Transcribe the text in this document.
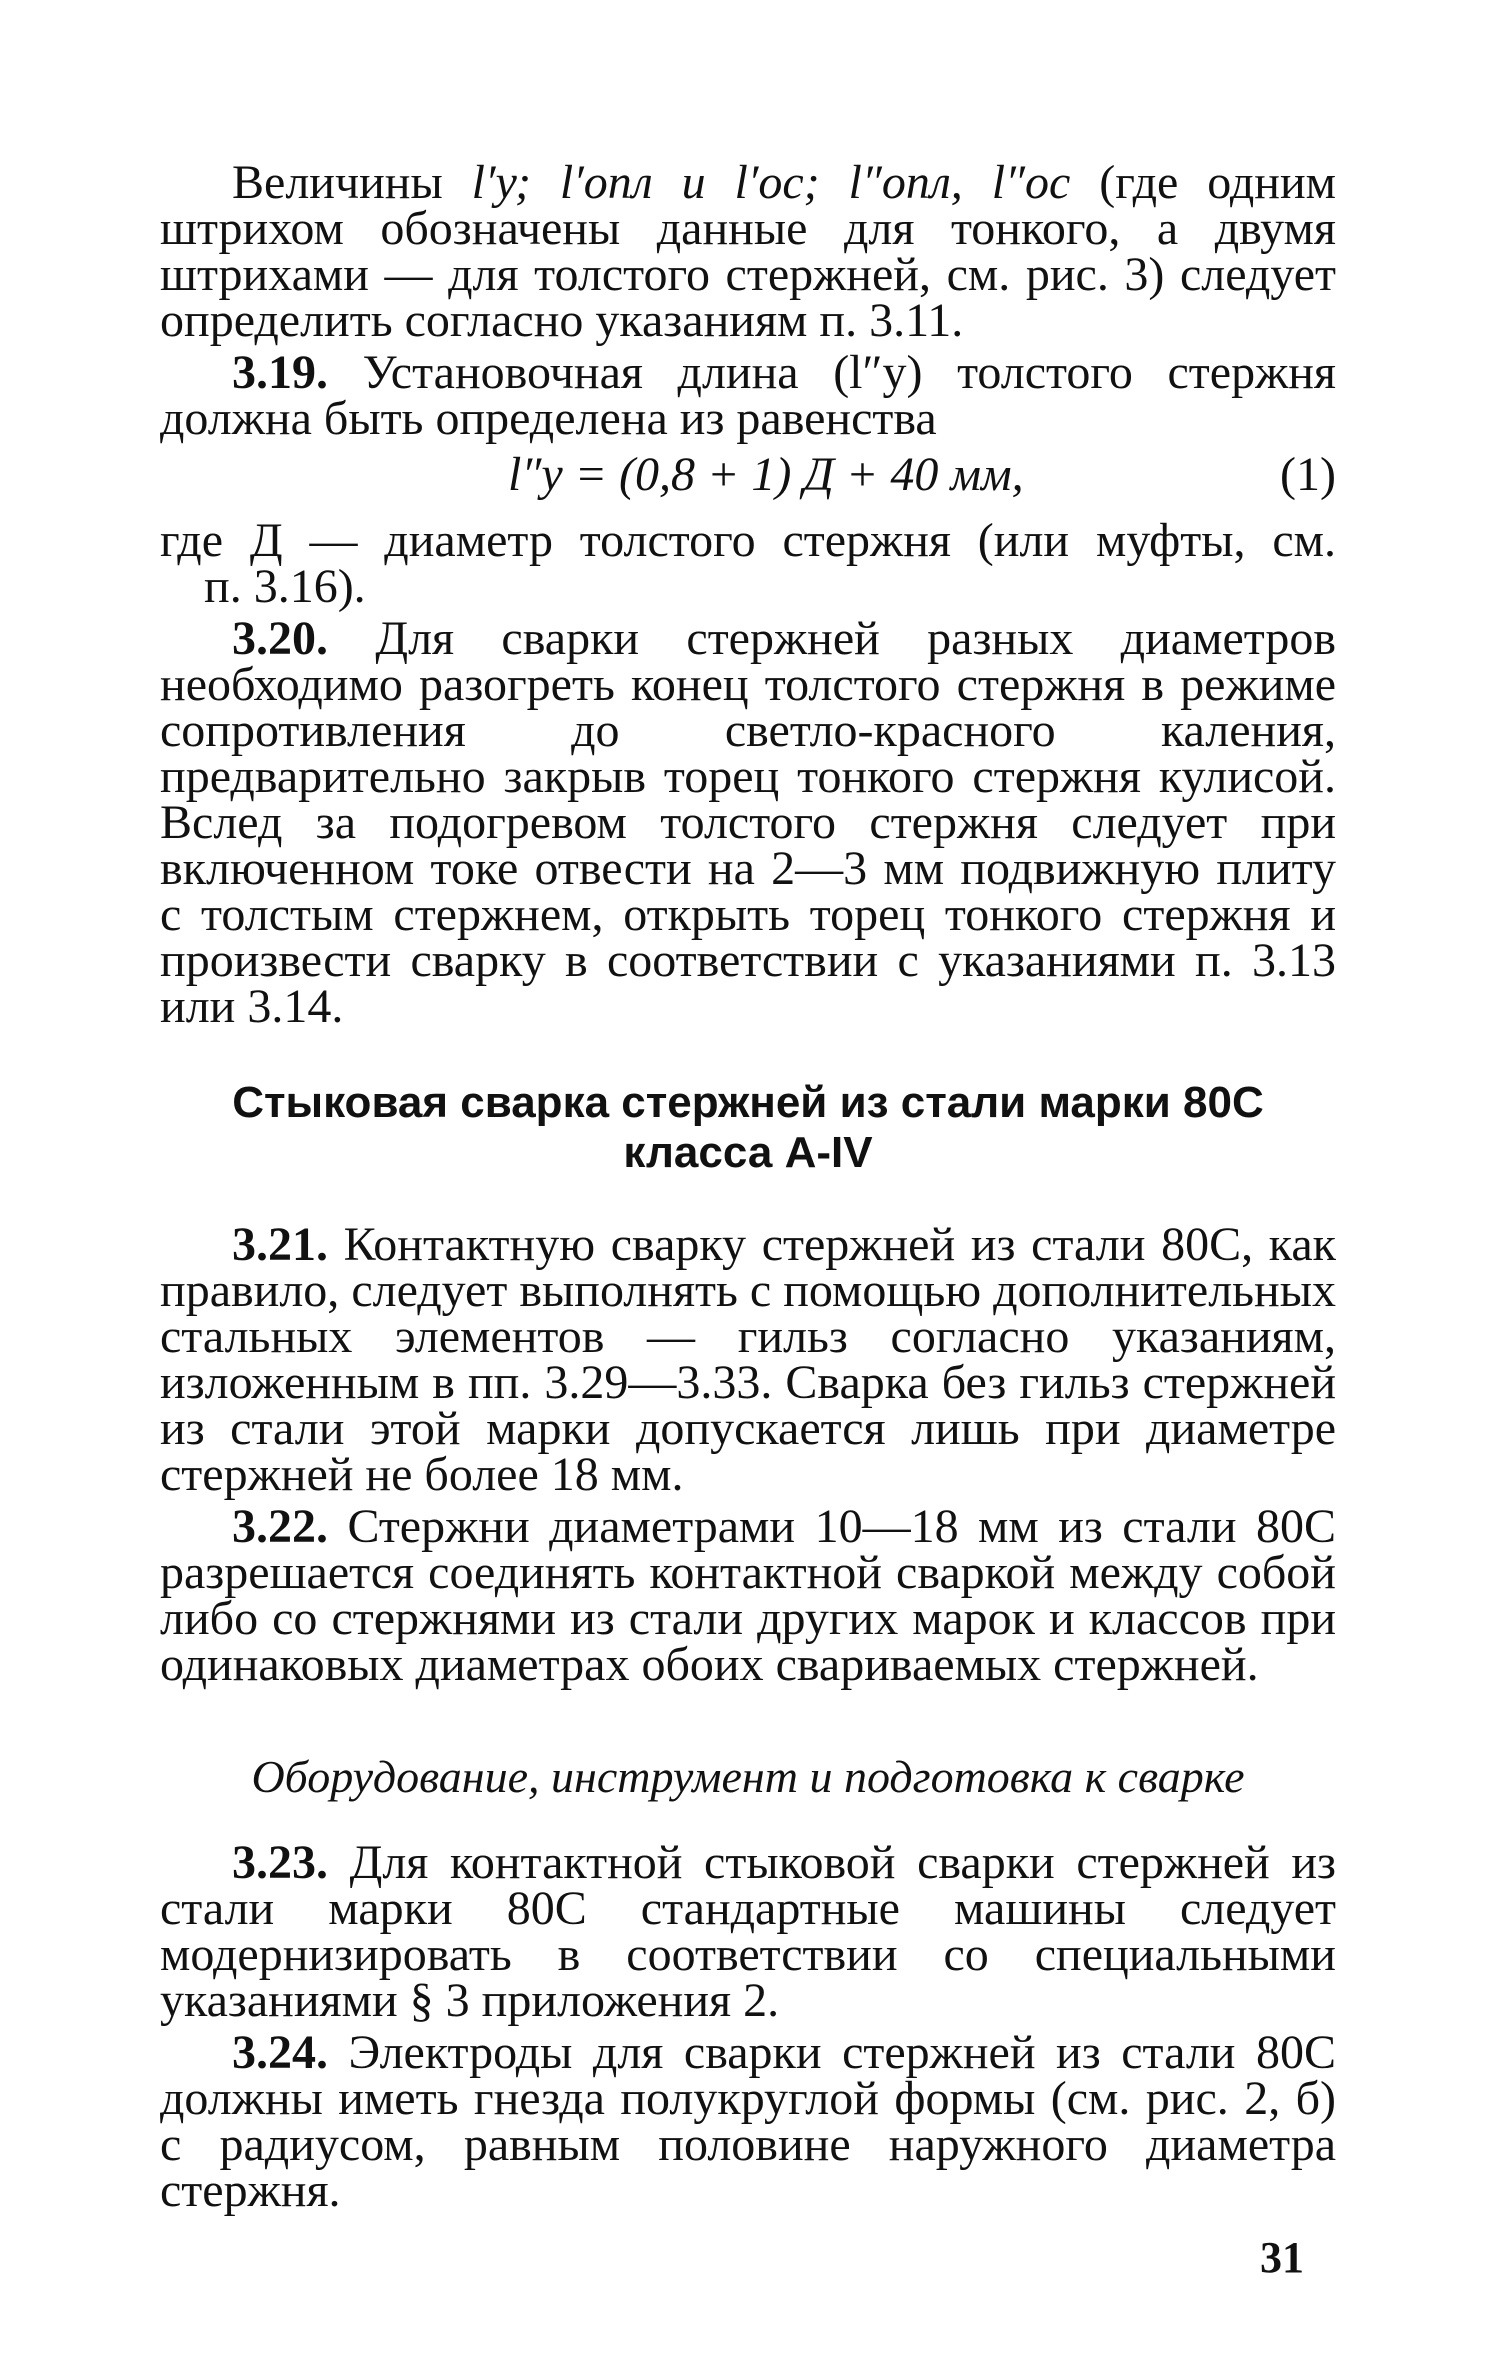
Величины l′у; l′опл и l′ос; l″опл, l″ос (где одним штрихом обозначены данные для тонкого, а двумя штрихами — для толстого стержней, см. рис. 3) следует определить согласно указаниям п. 3.11.

3.19. Установочная длина (l″у) толстого стержня должна быть определена из равенства

l″у = (0,8 + 1) Д + 40 мм,	(1)

где Д — диаметр толстого стержня (или муфты, см.

п. 3.16).

3.20. Для сварки стержней разных диаметров необходимо разогреть конец толстого стержня в режиме сопротивления до светло-красного каления, предварительно закрыв торец тонкого стержня кулисой. Вслед за подогревом толстого стержня следует при включенном токе отвести на 2—3 мм подвижную плиту с толстым стержнем, открыть торец тонкого стержня и произвести сварку в соответствии с указаниями п. 3.13 или 3.14.

Стыковая сварка стержней из стали марки 80С
класса A-IV

3.21. Контактную сварку стержней из стали 80С, как правило, следует выполнять с помощью дополнительных стальных элементов — гильз согласно указаниям, изложенным в пп. 3.29—3.33. Сварка без гильз стержней из стали этой марки допускается лишь при диаметре стержней не более 18 мм.

3.22. Стержни диаметрами 10—18 мм из стали 80С разрешается соединять контактной сваркой между собой либо со стержнями из стали других марок и классов при одинаковых диаметрах обоих свариваемых стержней.

Оборудование, инструмент и подготовка к сварке

3.23. Для контактной стыковой сварки стержней из стали марки 80С стандартные машины следует модернизировать в соответствии со специальными указаниями § 3 приложения 2.

3.24. Электроды для сварки стержней из стали 80С должны иметь гнезда полукруглой формы (см. рис. 2, б) с радиусом, равным половине наружного диаметра стержня.

31
